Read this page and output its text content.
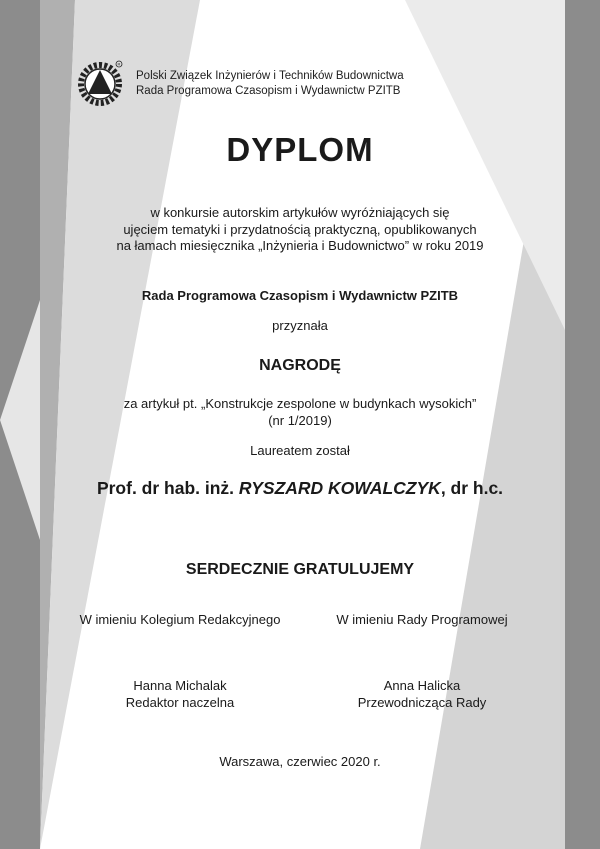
R
Polski Związek Inżynierów i Techników Budownictwa
Rada Programowa Czasopism i Wydawnictw PZITB
DYPLOM
w konkursie autorskim artykułów wyróżniających się
ujęciem tematyki i przydatnością praktyczną, opublikowanych
na łamach miesięcznika „Inżynieria i Budownictwo” w roku 2019
Rada Programowa Czasopism i Wydawnictw PZITB
przyznała
NAGRODĘ
za artykuł pt. „Konstrukcje zespolone w budynkach wysokich”
(nr 1/2019)
Laureatem został
Prof. dr hab. inż. RYSZARD KOWALCZYK, dr h.c.
SERDECZNIE GRATULUJEMY
W imieniu Kolegium Redakcyjnego	W imieniu Rady Programowej
Hanna Michalak
Redaktor naczelna
Anna Halicka
Przewodnicząca Rady
Warszawa, czerwiec 2020 r.
